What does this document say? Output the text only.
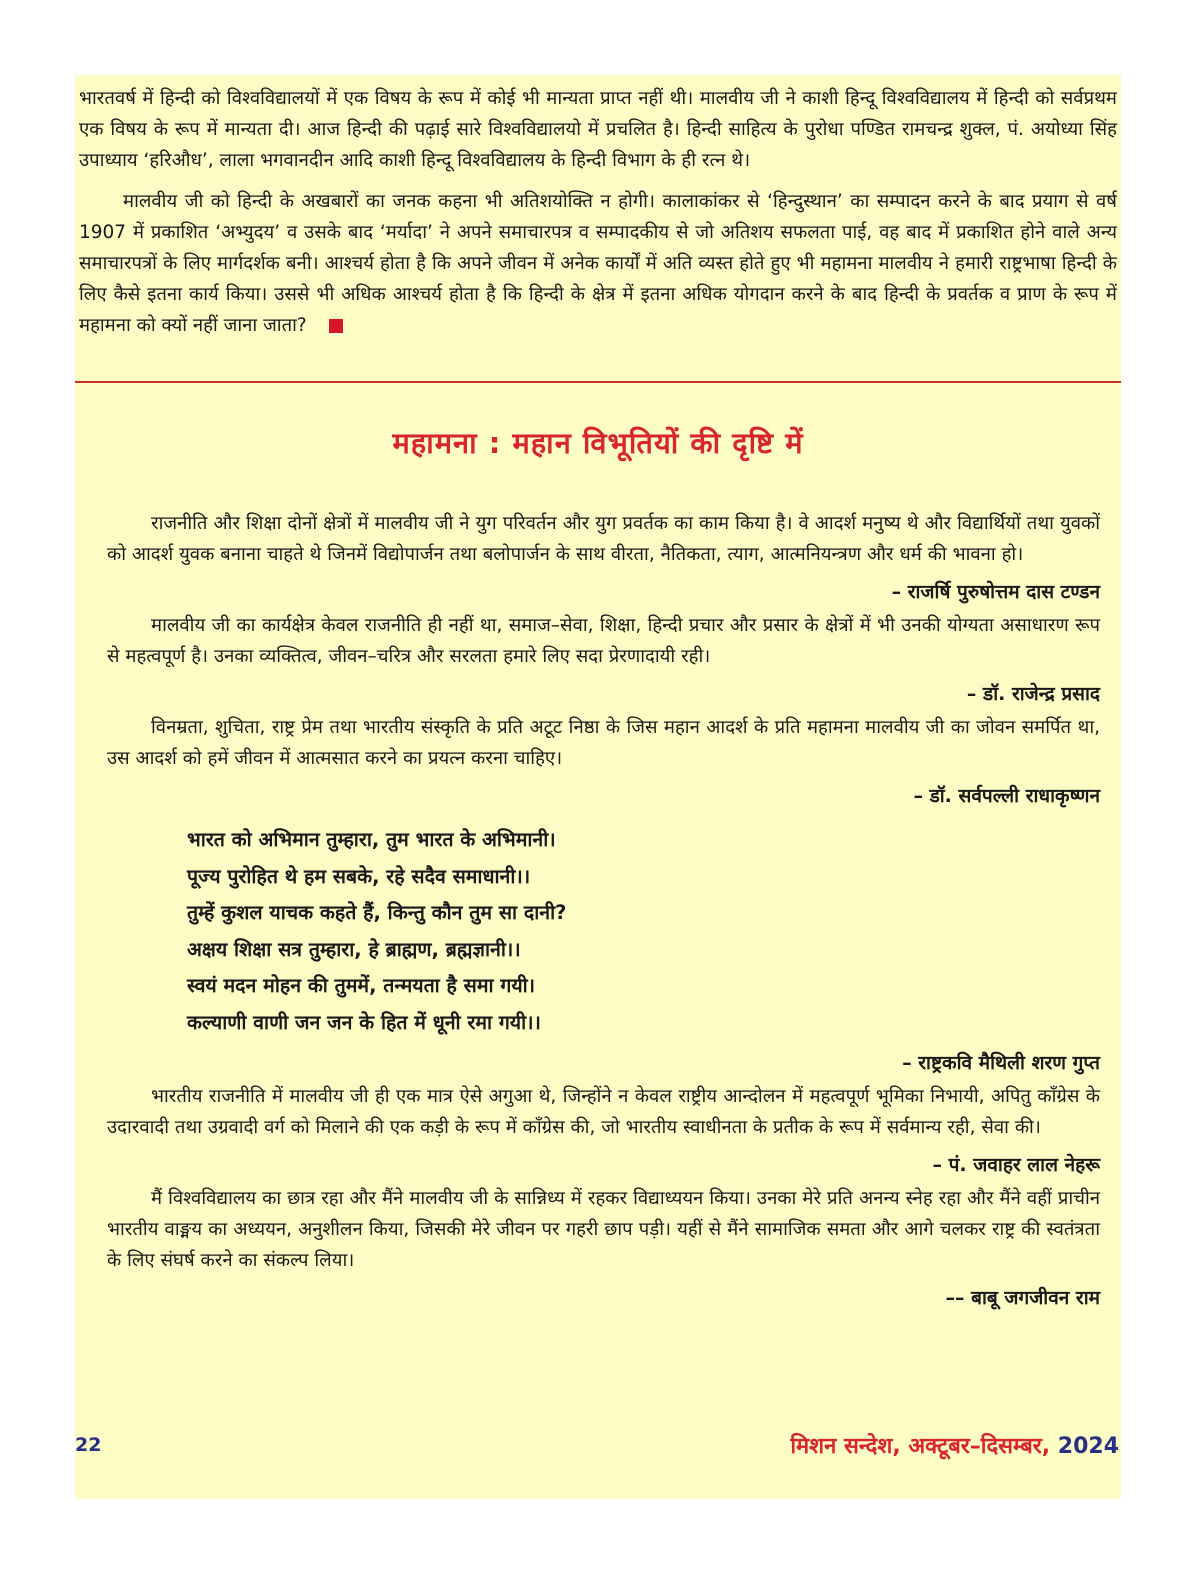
भारतवर्ष में हिन्दी को विश्वविद्यालयों में एक विषय के रूप में कोई भी मान्यता प्राप्त नहीं थी। मालवीय जी ने काशी हिन्दू विश्वविद्यालय में हिन्दी को सर्वप्रथम एक विषय के रूप में मान्यता दी। आज हिन्दी की पढ़ाई सारे विश्वविद्यालयो में प्रचलित है। हिन्दी साहित्य के पुरोधा पण्डित रामचन्द्र शुक्ल, पं. अयोध्या सिंह उपाध्याय ‘हरिऔध’, लाला भगवानदीन आदि काशी हिन्दू विश्वविद्यालय के हिन्दी विभाग के ही रत्न थे।

मालवीय जी को हिन्दी के अखबारों का जनक कहना भी अतिशयोक्ति न होगी। कालाकांकर से ‘हिन्दुस्थान’ का सम्पादन करने के बाद प्रयाग से वर्ष 1907 में प्रकाशित ‘अभ्युदय’ व उसके बाद ‘मर्यादा’ ने अपने समाचारपत्र व सम्पादकीय से जो अतिशय सफलता पाई, वह बाद में प्रकाशित होने वाले अन्य समाचारपत्रों के लिए मार्गदर्शक बनी। आश्चर्य होता है कि अपने जीवन में अनेक कार्यों में अति व्यस्त होते हुए भी महामना मालवीय ने हमारी राष्ट्रभाषा हिन्दी के लिए कैसे इतना कार्य किया। उससे भी अधिक आश्चर्य होता है कि हिन्दी के क्षेत्र में इतना अधिक योगदान करने के बाद हिन्दी के प्रवर्तक व प्राण के रूप में महामना को क्यों नहीं जाना जाता?

महामना : महान विभूतियों की दृष्टि में

राजनीति और शिक्षा दोनों क्षेत्रों में मालवीय जी ने युग परिवर्तन और युग प्रवर्तक का काम किया है। वे आदर्श मनुष्य थे और विद्यार्थियों तथा युवकों को आदर्श युवक बनाना चाहते थे जिनमें विद्योपार्जन तथा बलोपार्जन के साथ वीरता, नैतिकता, त्याग, आत्मनियन्त्रण और धर्म की भावना हो।

– राजर्षि पुरुषोत्तम दास टण्डन

मालवीय जी का कार्यक्षेत्र केवल राजनीति ही नहीं था, समाज–सेवा, शिक्षा, हिन्दी प्रचार और प्रसार के क्षेत्रों में भी उनकी योग्यता असाधारण रूप से महत्वपूर्ण है। उनका व्यक्तित्व, जीवन–चरित्र और सरलता हमारे लिए सदा प्रेरणादायी रही।

– डॉ. राजेन्द्र प्रसाद

विनम्रता, शुचिता, राष्ट्र प्रेम तथा भारतीय संस्कृति के प्रति अटूट निष्ठा के जिस महान आदर्श के प्रति महामना मालवीय जी का जोवन समर्पित था, उस आदर्श को हमें जीवन में आत्मसात करने का प्रयत्न करना चाहिए।

– डॉ. सर्वपल्ली राधाकृष्णन
भारत को अभिमान तुम्हारा, तुम भारत के अभिमानी।
पूज्य पुरोहित थे हम सबके, रहे सदैव समाधानी।।
तुम्हें कुशल याचक कहते हैं, किन्तु कौन तुम सा दानी?
अक्षय शिक्षा सत्र तुम्हारा, हे ब्राह्मण, ब्रह्मज्ञानी।।
स्वयं मदन मोहन की तुममें, तन्मयता है समा गयी।
कल्याणी वाणी जन जन के हित में धूनी रमा गयी।।
– राष्ट्रकवि मैथिली शरण गुप्त

भारतीय राजनीति में मालवीय जी ही एक मात्र ऐसे अगुआ थे, जिन्होंने न केवल राष्ट्रीय आन्दोलन में महत्वपूर्ण भूमिका निभायी, अपितु कॉंग्रेस के उदारवादी तथा उग्रवादी वर्ग को मिलाने की एक कड़ी के रूप में कॉंग्रेस की, जो भारतीय स्वाधीनता के प्रतीक के रूप में सर्वमान्य रही, सेवा की।

– पं. जवाहर लाल नेहरू

मैं विश्वविद्यालय का छात्र रहा और मैंने मालवीय जी के सान्निध्य में रहकर विद्याध्ययन किया। उनका मेरे प्रति अनन्य स्नेह रहा और मैंने वहीं प्राचीन भारतीय वाङ्मय का अध्ययन, अनुशीलन किया, जिसकी मेरे जीवन पर गहरी छाप पड़ी। यहीं से मैंने सामाजिक समता और आगे चलकर राष्ट्र की स्वतंत्रता के लिए संघर्ष करने का संकल्प लिया।

–– बाबू जगजीवन राम
22	मिशन सन्देश, अक्टूबर–दिसम्बर, 2024
